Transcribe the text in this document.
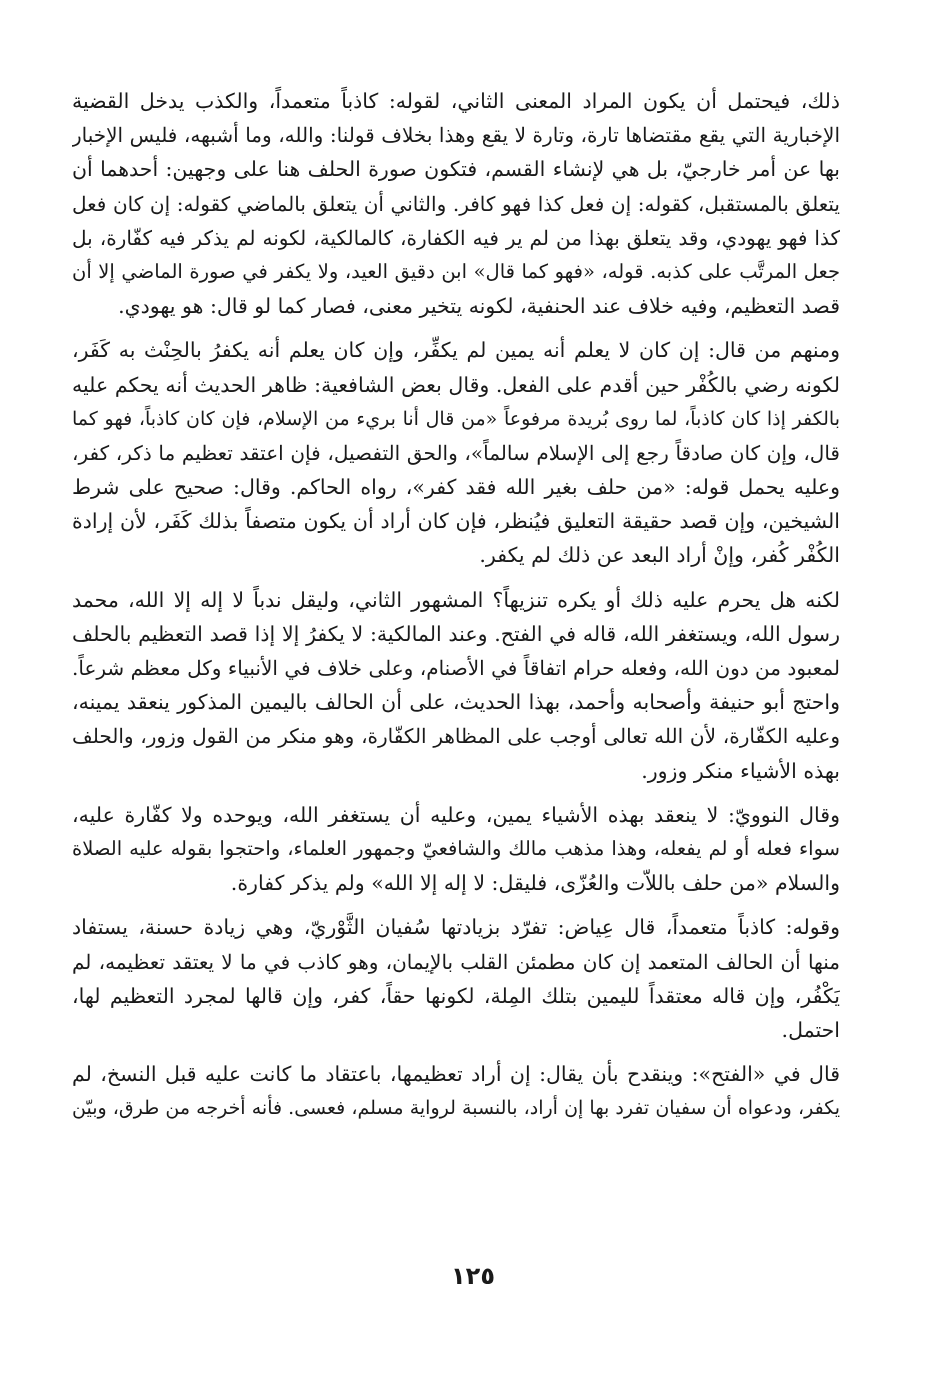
ذلك، فيحتمل أن يكون المراد المعنى الثاني، لقوله: كاذباً متعمداً، والكذب يدخل القضية
الإخبارية التي يقع مقتضاها تارة، وتارة لا يقع وهذا بخلاف قولنا: والله، وما أشبهه، فليس الإخبار
بها عن أمر خارجيّ، بل هي لإنشاء القسم، فتكون صورة الحلف هنا على وجهين: أحدهما أن
يتعلق بالمستقبل، كقوله: إن فعل كذا فهو كافر. والثاني أن يتعلق بالماضي كقوله: إن كان فعل
كذا فهو يهودي، وقد يتعلق بهذا من لم ير فيه الكفارة، كالمالكية، لكونه لم يذكر فيه كفّارة، بل
جعل المرتَّب على كذبه. قوله، «فهو كما قال» ابن دقيق العيد، ولا يكفر في صورة الماضي إلا أن
قصد التعظيم، وفيه خلاف عند الحنفية، لكونه يتخير معنى، فصار كما لو قال: هو يهودي.
ومنهم من قال: إن كان لا يعلم أنه يمين لم يكفِّر، وإن كان يعلم أنه يكفرُ بالحِنْث به كَفَر،
لكونه رضي بالكُفْر حين أقدم على الفعل. وقال بعض الشافعية: ظاهر الحديث أنه يحكم عليه
بالكفر إذا كان كاذباً، لما روى بُريدة مرفوعاً «من قال أنا بريء من الإسلام، فإن كان كاذباً، فهو كما
قال، وإن كان صادقاً رجع إلى الإسلام سالماً»، والحق التفصيل، فإن اعتقد تعظيم ما ذكر، كفر،
وعليه يحمل قوله: «من حلف بغير الله فقد كفر»، رواه الحاكم. وقال: صحيح على شرط
الشيخين، وإن قصد حقيقة التعليق فيُنظر، فإن كان أراد أن يكون متصفاً بذلك كَفَر، لأن إرادة
الكُفْر كُفر، وإنْ أراد البعد عن ذلك لم يكفر.
لكنه هل يحرم عليه ذلك أو يكره تنزيهاً؟ المشهور الثاني، وليقل ندباً لا إله إلا الله، محمد
رسول الله، ويستغفر الله، قاله في الفتح. وعند المالكية: لا يكفرُ إلا إذا قصد التعظيم بالحلف
لمعبود من دون الله، وفعله حرام اتفاقاً في الأصنام، وعلى خلاف في الأنبياء وكل معظم شرعاً.
واحتج أبو حنيفة وأصحابه وأحمد، بهذا الحديث، على أن الحالف باليمين المذكور ينعقد يمينه،
وعليه الكفّارة، لأن الله تعالى أوجب على المظاهر الكفّارة، وهو منكر من القول وزور، والحلف
بهذه الأشياء منكر وزور.
وقال النوويّ: لا ينعقد بهذه الأشياء يمين، وعليه أن يستغفر الله، ويوحده ولا كفّارة عليه،
سواء فعله أو لم يفعله، وهذا مذهب مالك والشافعيّ وجمهور العلماء، واحتجوا بقوله عليه الصلاة
والسلام «من حلف باللاّت والعُزّى، فليقل: لا إله إلا الله» ولم يذكر كفارة.
وقوله: كاذباً متعمداً، قال عِياض: تفرّد بزيادتها سُفيان الثَّوْريّ، وهي زيادة حسنة، يستفاد
منها أن الحالف المتعمد إن كان مطمئن القلب بالإيمان، وهو كاذب في ما لا يعتقد تعظيمه، لم
يَكْفُر، وإن قاله معتقداً لليمين بتلك المِلة، لكونها حقاً، كفر، وإن قالها لمجرد التعظيم لها،
احتمل.
قال في «الفتح»: وينقدح بأن يقال: إن أراد تعظيمها، باعتقاد ما كانت عليه قبل النسخ، لم
يكفر، ودعواه أن سفيان تفرد بها إن أراد، بالنسبة لرواية مسلم، فعسى. فأنه أخرجه من طرق، وبيّن
١٢٥
